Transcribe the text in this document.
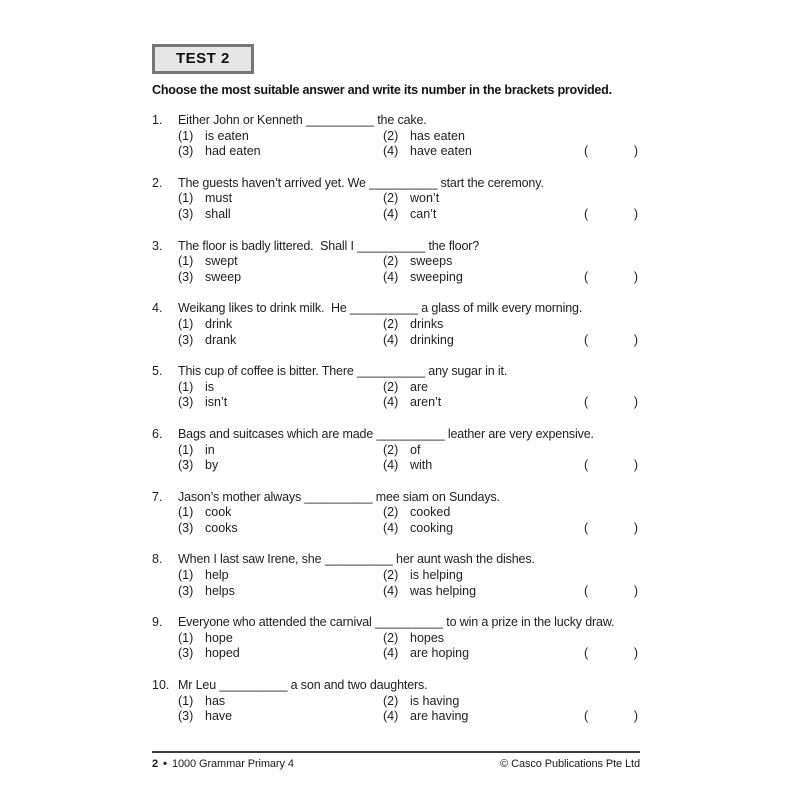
TEST 2
Choose the most suitable answer and write its number in the brackets provided.
1.	Either John or Kenneth __________ the cake.
(1) is eaten	(2) has eaten
(3) had eaten	(4) have eaten	(	)
2.	The guests haven’t arrived yet. We __________ start the ceremony.
(1) must	(2) won’t
(3) shall	(4) can’t	(	)
3.	The floor is badly littered.  Shall I __________ the floor?
(1) swept	(2) sweeps
(3) sweep	(4) sweeping	(	)
4.	Weikang likes to drink milk.  He __________ a glass of milk every morning.
(1) drink	(2) drinks
(3) drank	(4) drinking	(	)
5.	This cup of coffee is bitter. There __________ any sugar in it.
(1) is	(2) are
(3) isn’t	(4) aren’t	(	)
6.	Bags and suitcases which are made __________ leather are very expensive.
(1) in	(2) of
(3) by	(4) with	(	)
7.	Jason’s mother always __________ mee siam on Sundays.
(1) cook	(2) cooked
(3) cooks	(4) cooking	(	)
8.	When I last saw Irene, she __________ her aunt wash the dishes.
(1) help	(2) is helping
(3) helps	(4) was helping	(	)
9.	Everyone who attended the carnival __________ to win a prize in the lucky draw.
(1) hope	(2) hopes
(3) hoped	(4) are hoping	(	)
10. Mr Leu __________ a son and two daughters.
(1) has	(2) is having
(3) have	(4) are having	(	)
2 • 1000 Grammar Primary 4	© Casco Publications Pte Ltd
